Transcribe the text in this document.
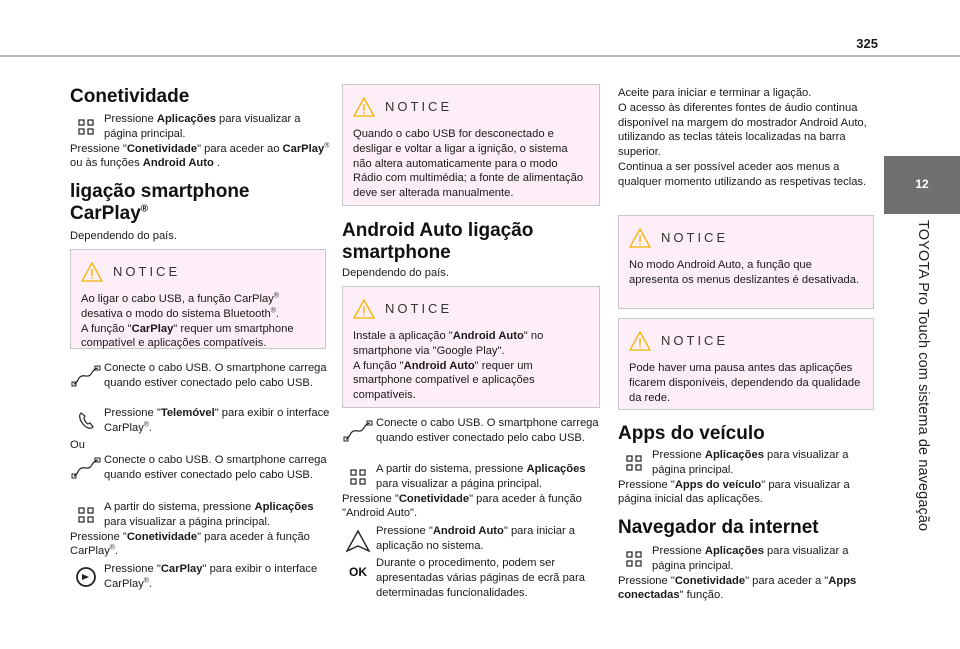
325
12
TOYOTA Pro Touch com sistema de navegação
Conetividade
Pressione Aplicações para visualizar a página principal.
Pressione "Conetividade" para aceder ao CarPlay® ou às funções Android Auto .
ligação smartphone
CarPlay®
Dependendo do país.
NOTICE
Ao ligar o cabo USB, a função CarPlay® desativa o modo do sistema Bluetooth®.
A função "CarPlay" requer um smartphone compatível e aplicações compatíveis.
Conecte o cabo USB. O smartphone carrega quando estiver conectado pelo cabo USB.
Pressione "Telemóvel" para exibir o interface CarPlay®.
Ou
Conecte o cabo USB. O smartphone carrega quando estiver conectado pelo cabo USB.
A partir do sistema, pressione Aplicações para visualizar a página principal.
Pressione "Conetividade" para aceder à função CarPlay®.
Pressione "CarPlay" para exibir o interface CarPlay®.
NOTICE
Quando o cabo USB for desconectado e desligar e voltar a ligar a ignição, o sistema não altera automaticamente para o modo Rádio com multimédia; a fonte de alimentação deve ser alterada manualmente.
Android Auto ligação
smartphone
Dependendo do país.
NOTICE
Instale a aplicação "Android Auto" no smartphone via "Google Play".
A função "Android Auto" requer um smartphone compatível e aplicações compatíveis.
Conecte o cabo USB. O smartphone carrega quando estiver conectado pelo cabo USB.
A partir do sistema, pressione Aplicações para visualizar a página principal.
Pressione "Conetividade" para aceder à função "Android Auto".
Pressione "Android Auto" para iniciar a aplicação no sistema.
OK
Durante o procedimento, podem ser apresentadas várias páginas de ecrã para determinadas funcionalidades.
Aceite para iniciar e terminar a ligação.
O acesso às diferentes fontes de áudio continua disponível na margem do mostrador Android Auto, utilizando as teclas táteis localizadas na barra superior.
Continua a ser possível aceder aos menus a qualquer momento utilizando as respetivas teclas.
NOTICE
No modo Android Auto, a função que apresenta os menus deslizantes é desativada.
NOTICE
Pode haver uma pausa antes das aplicações ficarem disponíveis, dependendo da qualidade da rede.
Apps do veículo
Pressione Aplicações para visualizar a página principal.
Pressione "Apps do veículo" para visualizar a página inicial das aplicações.
Navegador da internet
Pressione Aplicações para visualizar a página principal.
Pressione "Conetividade" para aceder a "Apps conectadas" função.
